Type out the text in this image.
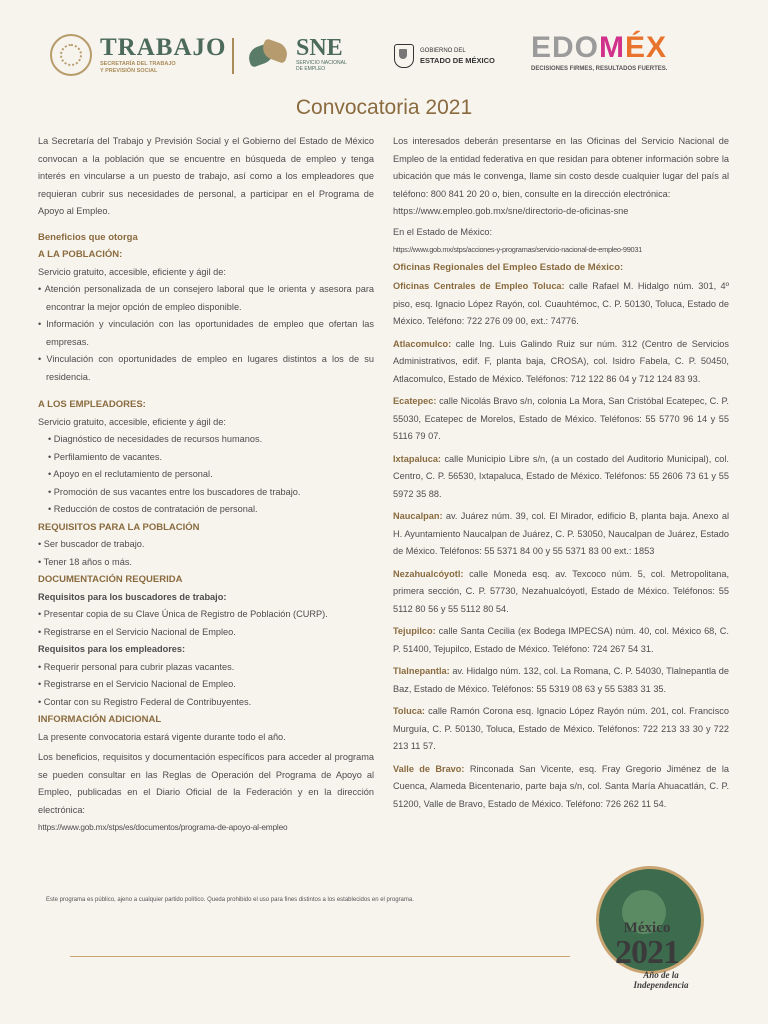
TRABAJO
SECRETARÍA DEL TRABAJO
Y PREVISIÓN SOCIAL
SNE
SERVICIO NACIONAL
DE EMPLEO
GOBIERNO DEL
ESTADO DE MÉXICO EDOMÉX
DECISIONES FIRMES, RESULTADOS FUERTES.
Convocatoria 2021

La Secretaría del Trabajo y Previsión Social y el Gobierno del Estado de México convocan a la población que se encuentre en búsqueda de empleo y tenga interés en vincularse a un puesto de trabajo, así como a los empleadores que requieran cubrir sus necesidades de personal, a participar en el Programa de Apoyo al Empleo.

Beneficios que otorga

A LA POBLACIÓN:

Servicio gratuito, accesible, eficiente y ágil de:

• Atención personalizada de un consejero laboral que le orienta y asesora para encontrar la mejor opción de empleo disponible.

• Información y vinculación con las oportunidades de empleo que ofertan las empresas.

• Vinculación con oportunidades de empleo en lugares distintos a los de su residencia.

A LOS EMPLEADORES:

Servicio gratuito, accesible, eficiente y ágil de:

• Diagnóstico de necesidades de recursos humanos.

• Perfilamiento de vacantes.

• Apoyo en el reclutamiento de personal.

• Promoción de sus vacantes entre los buscadores de trabajo.

• Reducción de costos de contratación de personal.

REQUISITOS PARA LA POBLACIÓN

• Ser buscador de trabajo.

• Tener 18 años o más.

DOCUMENTACIÓN REQUERIDA

Requisitos para los buscadores de trabajo:

• Presentar copia de su Clave Única de Registro de Población (CURP).

• Registrarse en el Servicio Nacional de Empleo.

Requisitos para los empleadores:

• Requerir personal para cubrir plazas vacantes.

• Registrarse en el Servicio Nacional de Empleo.

• Contar con su Registro Federal de Contribuyentes.

INFORMACIÓN ADICIONAL

La presente convocatoria estará vigente durante todo el año.

Los beneficios, requisitos y documentación específicos para acceder al programa se pueden consultar en las Reglas de Operación del Programa de Apoyo al Empleo, publicadas en el Diario Oficial de la Federación y en la dirección electrónica:

https://www.gob.mx/stps/es/documentos/programa-de-apoyo-al-empleo

Los interesados deberán presentarse en las Oficinas del Servicio Nacional de Empleo de la entidad federativa en que residan para obtener información sobre la ubicación que más le convenga, llame sin costo desde cualquier lugar del país al teléfono: 800 841 20 20 o, bien, consulte en la dirección electrónica:

https://www.empleo.gob.mx/sne/directorio-de-oficinas-sne

En el Estado de México:

https://www.gob.mx/stps/acciones-y-programas/servicio-nacional-de-empleo-99031

Oficinas Regionales del Empleo Estado de México:

Oficinas Centrales de Empleo Toluca: calle Rafael M. Hidalgo núm. 301, 4º piso, esq. Ignacio López Rayón, col. Cuauhtémoc, C. P. 50130, Toluca, Estado de México. Teléfono: 722 276 09 00, ext.: 74776.

Atlacomulco: calle Ing. Luis Galindo Ruiz sur núm. 312 (Centro de Servicios Administrativos, edif. F, planta baja, CROSA), col. Isidro Fabela, C. P. 50450, Atlacomulco, Estado de México. Teléfonos: 712 122 86 04 y 712 124 83 93.

Ecatepec: calle Nicolás Bravo s/n, colonia La Mora, San Cristóbal Ecatepec, C. P. 55030, Ecatepec de Morelos, Estado de México. Teléfonos: 55 5770 96 14 y 55 5116 79 07.

Ixtapaluca: calle Municipio Libre s/n, (a un costado del Auditorio Municipal), col. Centro, C. P. 56530, Ixtapaluca, Estado de México. Teléfonos: 55 2606 73 61 y 55 5972 35 88.

Naucalpan: av. Juárez núm. 39, col. El Mirador, edificio B, planta baja. Anexo al H. Ayuntamiento Naucalpan de Juárez, C. P. 53050, Naucalpan de Juárez, Estado de México. Teléfonos: 55 5371 84 00 y 55 5371 83 00 ext.: 1853

Nezahualcóyotl: calle Moneda esq. av. Texcoco núm. 5, col. Metropolitana, primera sección, C. P. 57730, Nezahualcóyotl, Estado de México. Teléfonos: 55 5112 80 56 y 55 5112 80 54.

Tejupilco: calle Santa Cecilia (ex Bodega IMPECSA) núm. 40, col. México 68, C. P. 51400, Tejupilco, Estado de México. Teléfono: 724 267 54 31.

Tlalnepantla: av. Hidalgo núm. 132, col. La Romana, C. P. 54030, Tlalnepantla de Baz, Estado de México. Teléfonos: 55 5319 08 63 y 55 5383 31 35.

Toluca: calle Ramón Corona esq. Ignacio López Rayón núm. 201, col. Francisco Murguía, C. P. 50130, Toluca, Estado de México. Teléfonos: 722 213 33 30 y 722 213 11 57.

Valle de Bravo: Rinconada San Vicente, esq. Fray Gregorio Jiménez de la Cuenca, Alameda Bicentenario, parte baja s/n, col. Santa María Ahuacatlán, C. P. 51200, Valle de Bravo, Estado de México. Teléfono: 726 262 11 54.

Este programa es público, ajeno a cualquier partido político. Queda prohibido el uso para fines distintos a los establecidos en el programa.
México
2021
Año de la
Independencia
